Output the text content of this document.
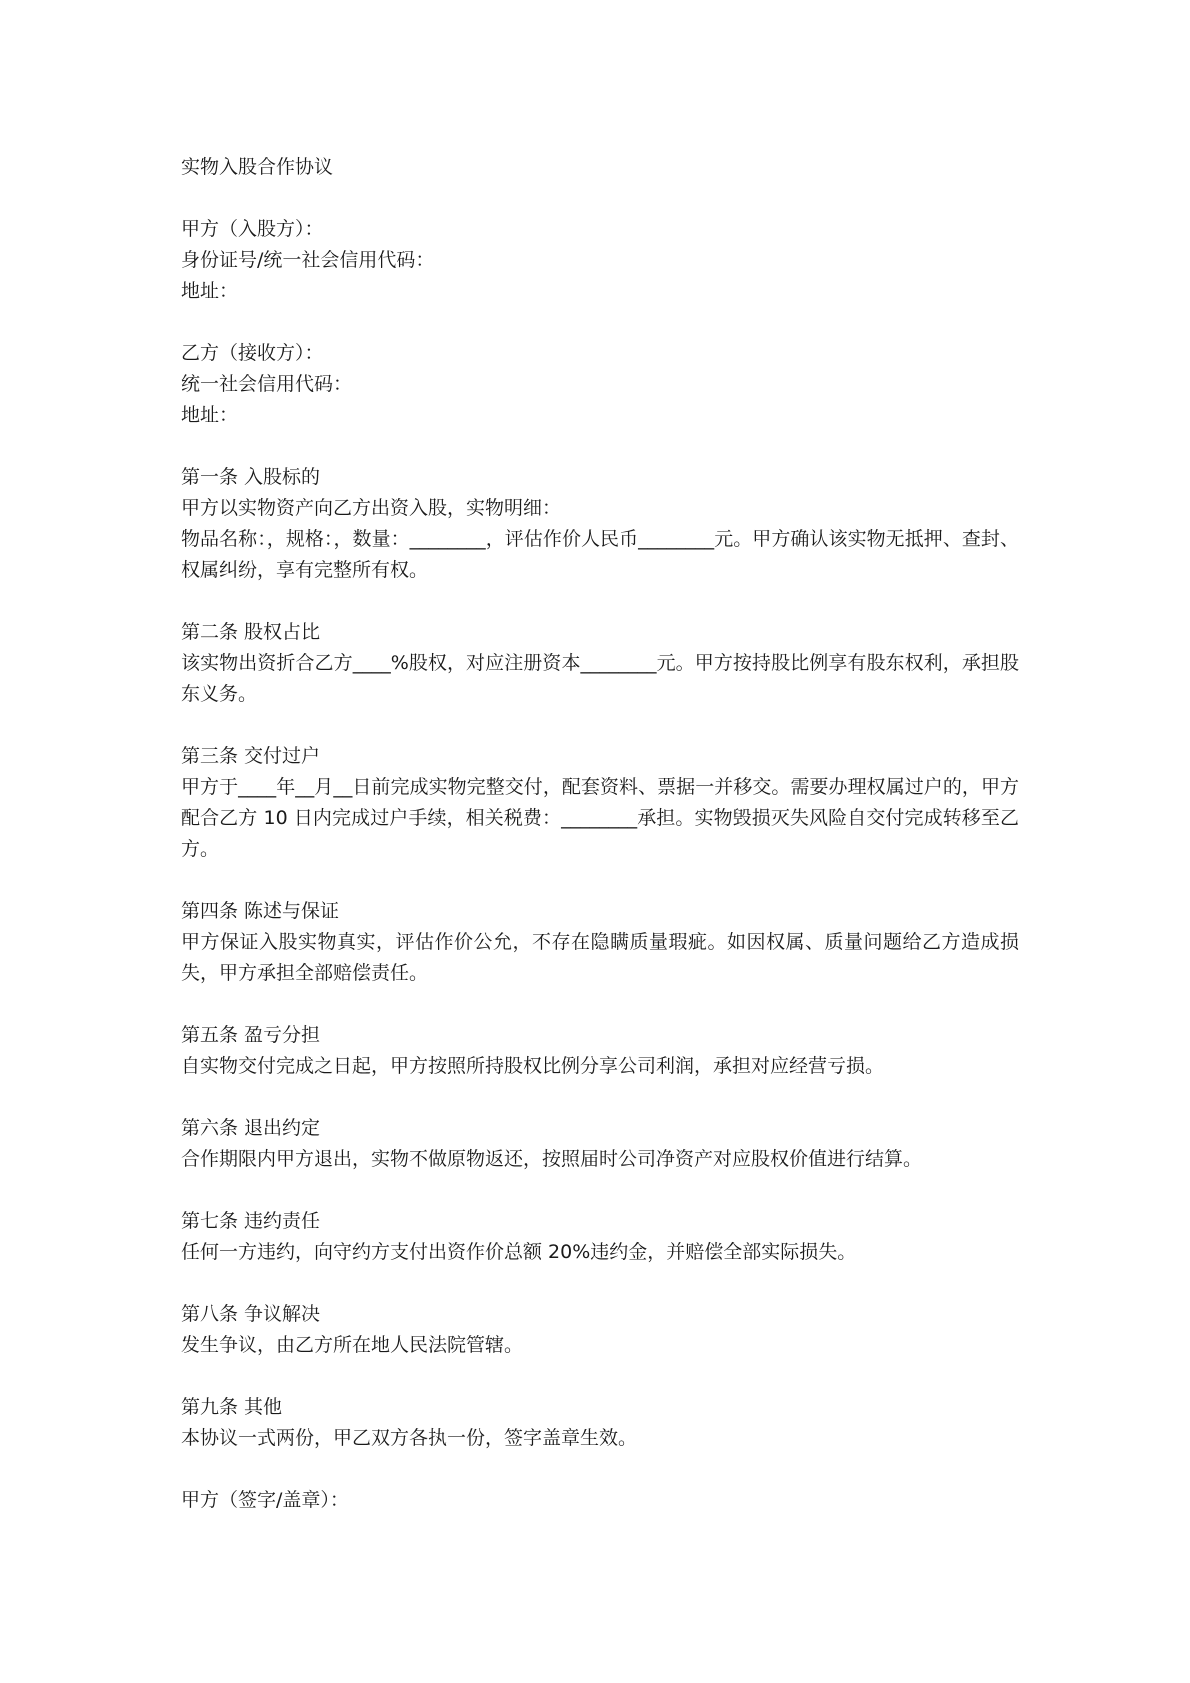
实物入股合作协议
甲方（入股方）：
身份证号/统一社会信用代码：
地址：
乙方（接收方）：
统一社会信用代码：
地址：
第一条 入股标的
甲方以实物资产向乙方出资入股，实物明细：
物品名称：，规格：，数量：________，评估作价人民币________元。甲方确认该实物无抵押、查封、权属纠纷，享有完整所有权。
第二条 股权占比
该实物出资折合乙方____%股权，对应注册资本________元。甲方按持股比例享有股东权利，承担股东义务。
第三条 交付过户
甲方于____年__月__日前完成实物完整交付，配套资料、票据一并移交。需要办理权属过户的，甲方配合乙方 10 日内完成过户手续，相关税费：________承担。实物毁损灭失风险自交付完成转移至乙方。
第四条 陈述与保证
甲方保证入股实物真实，评估作价公允，不存在隐瞒质量瑕疵。如因权属、质量问题给乙方造成损失，甲方承担全部赔偿责任。
第五条 盈亏分担
自实物交付完成之日起，甲方按照所持股权比例分享公司利润，承担对应经营亏损。
第六条 退出约定
合作期限内甲方退出，实物不做原物返还，按照届时公司净资产对应股权价值进行结算。
第七条 违约责任
任何一方违约，向守约方支付出资作价总额 20%违约金，并赔偿全部实际损失。
第八条 争议解决
发生争议，由乙方所在地人民法院管辖。
第九条 其他
本协议一式两份，甲乙双方各执一份，签字盖章生效。
甲方（签字/盖章）：
